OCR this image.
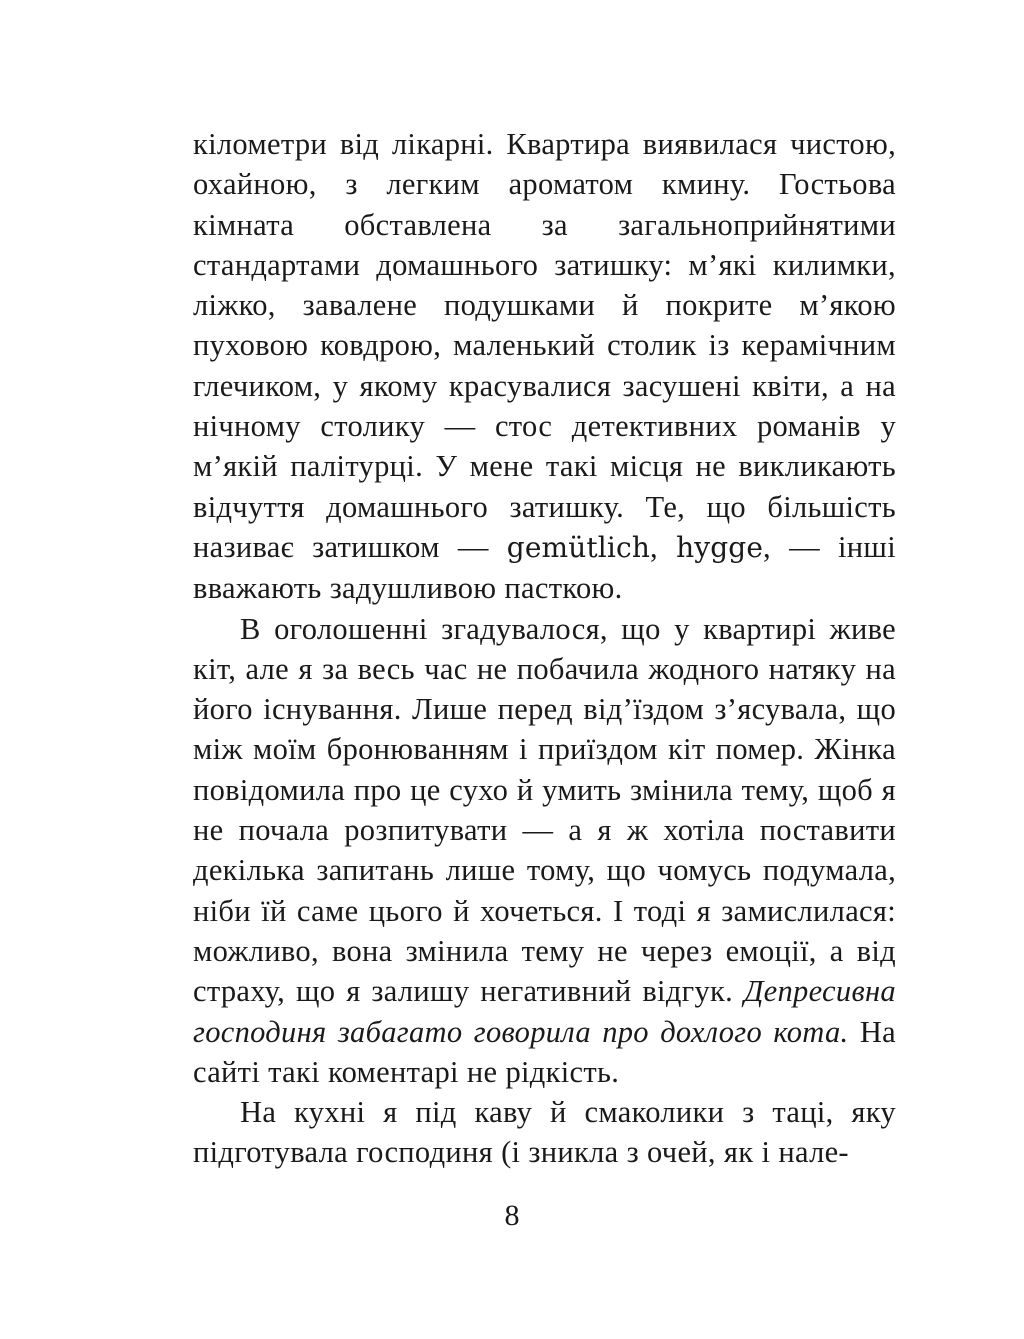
кілометри від лікарні. Квартира виявилася чистою, охайною, з легким ароматом кмину. Гостьова кімната обставлена за загальноприйнятими стандартами домашнього затишку: м’які килимки, ліжко, завалене подушками й покрите м’якою пуховою ковдрою, маленький столик із керамічним глечиком, у якому красувалися засушені квіти, а на нічному столику — стос детективних романів у м’якій палітурці. У мене такі місця не викликають відчуття домашнього затишку. Те, що більшість називає затишком — gemütlich, hygge, — інші вважають задушливою пасткою.

В оголошенні згадувалося, що у квартирі живе кіт, але я за весь час не побачила жодного натяку на його існування. Лише перед від’їздом з’ясувала, що між моїм бронюванням і приїздом кіт помер. Жінка повідомила про це сухо й умить змінила тему, щоб я не почала розпитувати — а я ж хотіла поставити декілька запитань лише тому, що чомусь подумала, ніби їй саме цього й хочеться. І тоді я замислилася: можливо, вона змінила тему не через емоції, а від страху, що я залишу негативний відгук. Депресивна господиня забагато говорила про дохлого кота. На сайті такі коментарі не рідкість.

На кухні я під каву й смаколики з таці, яку підготувала господиня (і зникла з очей, як і нале-

8
